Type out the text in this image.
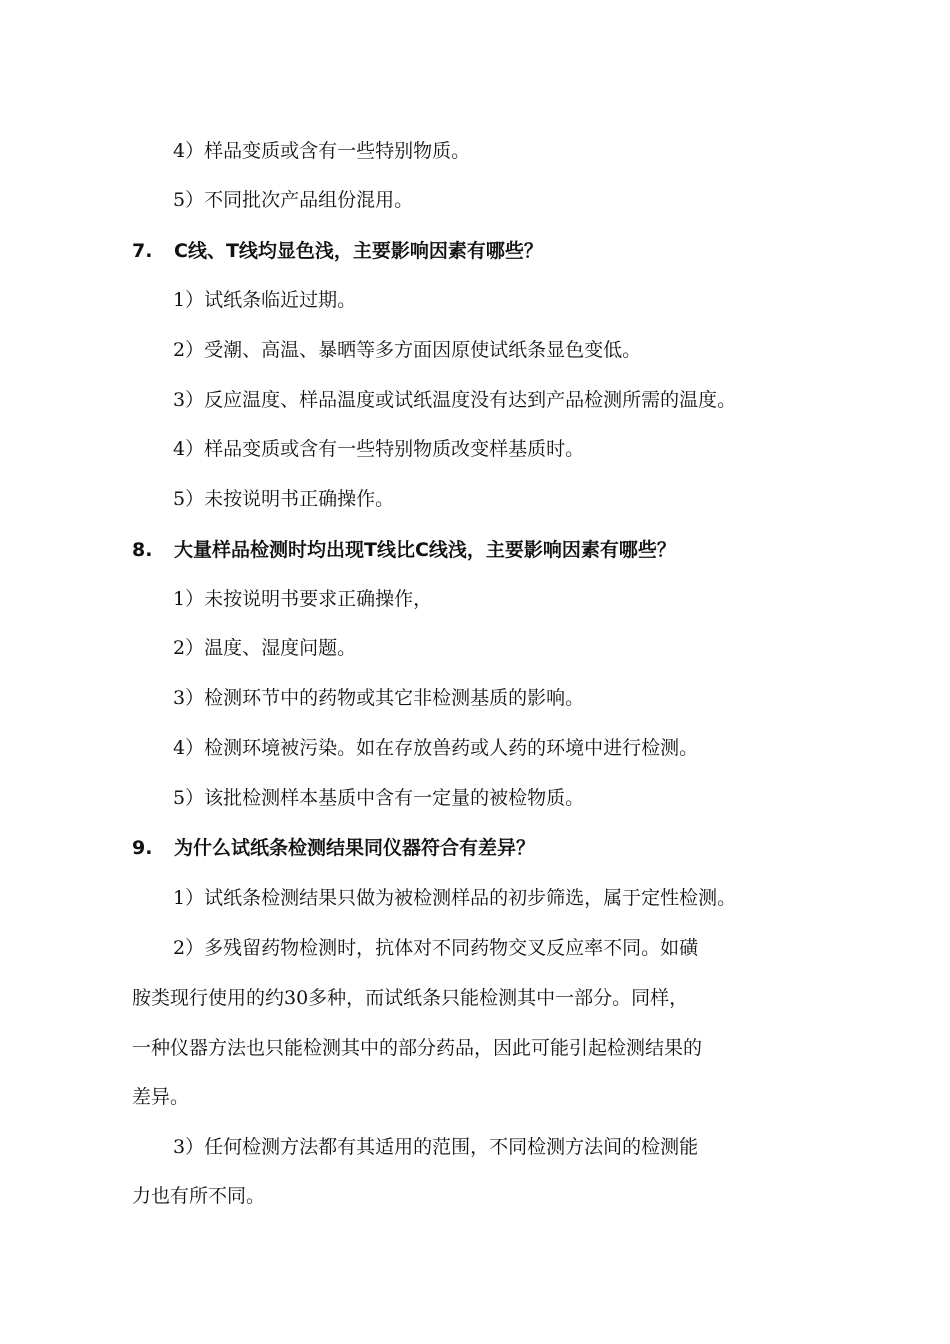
4）样品变质或含有一些特别物质。
5）不同批次产品组份混用。
7. C线、T线均显色浅，主要影响因素有哪些？
1）试纸条临近过期。
2）受潮、高温、暴晒等多方面因原使试纸条显色变低。
3）反应温度、样品温度或试纸温度没有达到产品检测所需的温度。
4）样品变质或含有一些特别物质改变样基质时。
5）未按说明书正确操作。
8. 大量样品检测时均出现T线比C线浅，主要影响因素有哪些？
1）未按说明书要求正确操作，
2）温度、湿度问题。
3）检测环节中的药物或其它非检测基质的影响。
4）检测环境被污染。如在存放兽药或人药的环境中进行检测。
5）该批检测样本基质中含有一定量的被检物质。
9. 为什么试纸条检测结果同仪器符合有差异？
1）试纸条检测结果只做为被检测样品的初步筛选，属于定性检测。
2）多残留药物检测时，抗体对不同药物交叉反应率不同。如磺
胺类现行使用的约30多种，而试纸条只能检测其中一部分。同样，
一种仪器方法也只能检测其中的部分药品，因此可能引起检测结果的
差异。
3）任何检测方法都有其适用的范围，不同检测方法间的检测能
力也有所不同。
